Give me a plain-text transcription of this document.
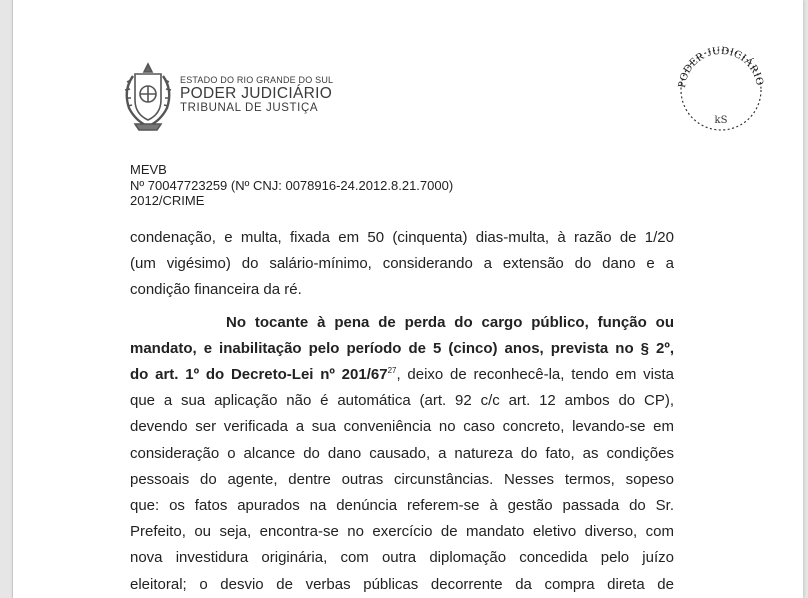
ESTADO DO RIO GRANDE DO SUL
PODER JUDICIÁRIO
TRIBUNAL DE JUSTIÇA
PODER JUDICIÁRIO
kS
MEVB
Nº 70047723259 (Nº CNJ: 0078916-24.2012.8.21.7000)
2012/CRIME
condenação, e multa, fixada em 50 (cinquenta) dias-multa, à razão de 1/20
(um vigésimo) do salário-mínimo, considerando a extensão do dano e a
condição financeira da ré.
No tocante à pena de perda do cargo público, função ou
mandato, e inabilitação pelo período de 5 (cinco) anos, prevista no § 2º,
do art. 1º do Decreto-Lei nº $201/67^{27}$, deixo de reconhecê-la, tendo em vista
que a sua aplicação não é automática (art. 92 c/c art. 12 ambos do CP),
devendo ser verificada a sua conveniência no caso concreto, levando-se em
consideração o alcance do dano causado, a natureza do fato, as condições
pessoais do agente, dentre outras circunstâncias. Nesses termos, sopeso
que: os fatos apurados na denúncia referem-se à gestão passada do Sr.
Prefeito, ou seja, encontra-se no exercício de mandato eletivo diverso, com
nova investidura originária, com outra diplomação concedida pelo juízo
eleitoral; o desvio de verbas públicas decorrente da compra direta de
